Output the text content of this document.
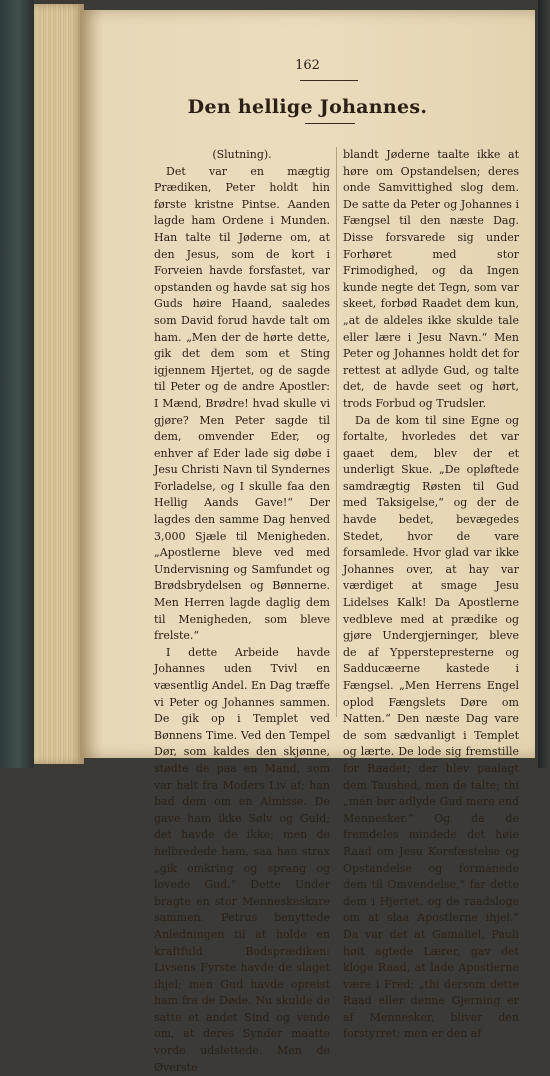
162
Den hellige Johannes.

(Slutning).

Det var en mægtig Prædiken, Peter holdt hin første kristne Pintse. Aanden lagde ham Ordene i Munden. Han talte til Jøderne om, at den Jesus, som de kort i Forveien havde forsfastet, var opstanden og havde sat sig hos Guds høire Haand, saaledes som David forud havde talt om ham. „Men der de hørte dette, gik det dem som et Sting igjennem Hjertet, og de sagde til Peter og de andre Apostler: I Mænd, Brødre! hvad skulle vi gjøre? Men Peter sagde til dem, omvender Eder, og enhver af Eder lade sig døbe i Jesu Christi Navn til Syndernes Forladelse, og I skulle faa den Hellig Aands Gave!“ Der lagdes den samme Dag henved 3,000 Sjæle til Menigheden. „Apostlerne bleve ved med Undervisning og Samfundet og Brødsbrydelsen og Bønnerne. Men Herren lagde daglig dem til Menigheden, som bleve frelste.“

I dette Arbeide havde Johannes uden Tvivl en væsentlig Andel. En Dag træffe vi Peter og Johannes sammen. De gik op i Templet ved Bønnens Time. Ved den Tempel Dør, som kaldes den skjønne, stødte de paa en Mand, som var halt fra Moders Liv af; han bad dem om en Almisse. De gave ham ikke Sølv og Guld; det havde de ikke; men de helbredede ham, saa han strax „gik omkring og sprang og lovede Gud.“ Dette Under bragte en stor Menneskeskare sammen. Petrus benyttede Anledningen til at holde en kraftfuld Bodsprædiken: Livsens Fyrste havde de slaget ihjel; men Gud havde opreist ham fra de Døde. Nu skulde de satte et andet Sind og vende om, at deres Synder maatte vorde udslettede. Men de Øverste

blandt Jøderne taalte ikke at høre om Opstandelsen; deres onde Samvittighed slog dem. De satte da Peter og Johannes i Fængsel til den næste Dag. Disse forsvarede sig under Forhøret med stor Frimodighed, og da Ingen kunde negte det Tegn, som var skeet, forbød Raadet dem kun, „at de aldeles ikke skulde tale eller lære i Jesu Navn.“ Men Peter og Johannes holdt det for rettest at adlyde Gud, og talte det, de havde seet og hørt, trods Forbud og Trudsler.

Da de kom til sine Egne og fortalte, hvorledes det var gaaet dem, blev der et underligt Skue. „De opløftede samdrægtig Røsten til Gud med Taksigelse,“ og der de havde bedet, bevægedes Stedet, hvor de vare forsamlede. Hvor glad var ikke Johannes over, at hay var værdiget at smage Jesu Lidelses Kalk! Da Apostlerne vedbleve med at prædike og gjøre Undergjerninger, blevе de af Ypperstepresterne og Sadducæerne kastede i Fængsel. „Men Herrens Engel oplod Fængslets Døre om Natten.“ Den næste Dag vare de som sædvanligt i Templet og lærte. De lode sig fremstille for Raadet; der blev paalagt dem Taushed, men de talte; thi „man bør adlyde Gud mere end Mennesker.“ Og da de fremdeles mindede det høie Raad om Jesu Korsfæstelse og Opstandelse og formanede dem til Omvendelse,“ far dette dem i Hjertet, og de raadsloge om at slaa Apostlerne ihjel.“ Da var det at Gamaliel, Pauli høit agtede Lærer, gav det kloge Raad, at lade Apostlerne være i Fred; „thi dersom dette Raad eller denne Gjerning er af Mennesker, bliver den forstyrret; men er den af
